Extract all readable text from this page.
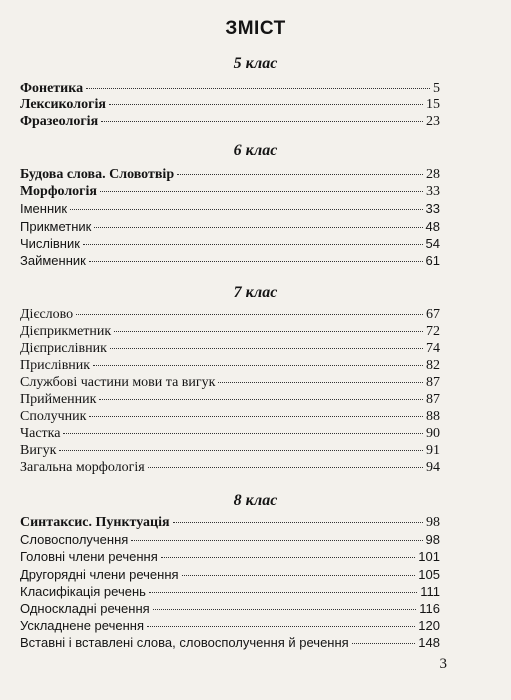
ЗМІСТ
5 клас
Фонетика	5
Лексикологія	15
Фразеологія	23
6 клас
Будова слова. Словотвір	28
Морфологія	33
Іменник	33
Прикметник	48
Числівник	54
Займенник	61
7 клас
Дієслово	67
Дієприкметник	72
Дієприслівник	74
Прислівник	82
Службові частини мови та вигук	87
Прийменник	87
Сполучник	88
Частка	90
Вигук	91
Загальна морфологія	94
8 клас
Синтаксис. Пунктуація	98
Словосполучення	98
Головні члени речення	101
Другорядні члени речення	105
Класифікація речень	111
Односкладні речення	116
Ускладнене речення	120
Вставні і вставлені слова, словосполучення й речення	148
3
